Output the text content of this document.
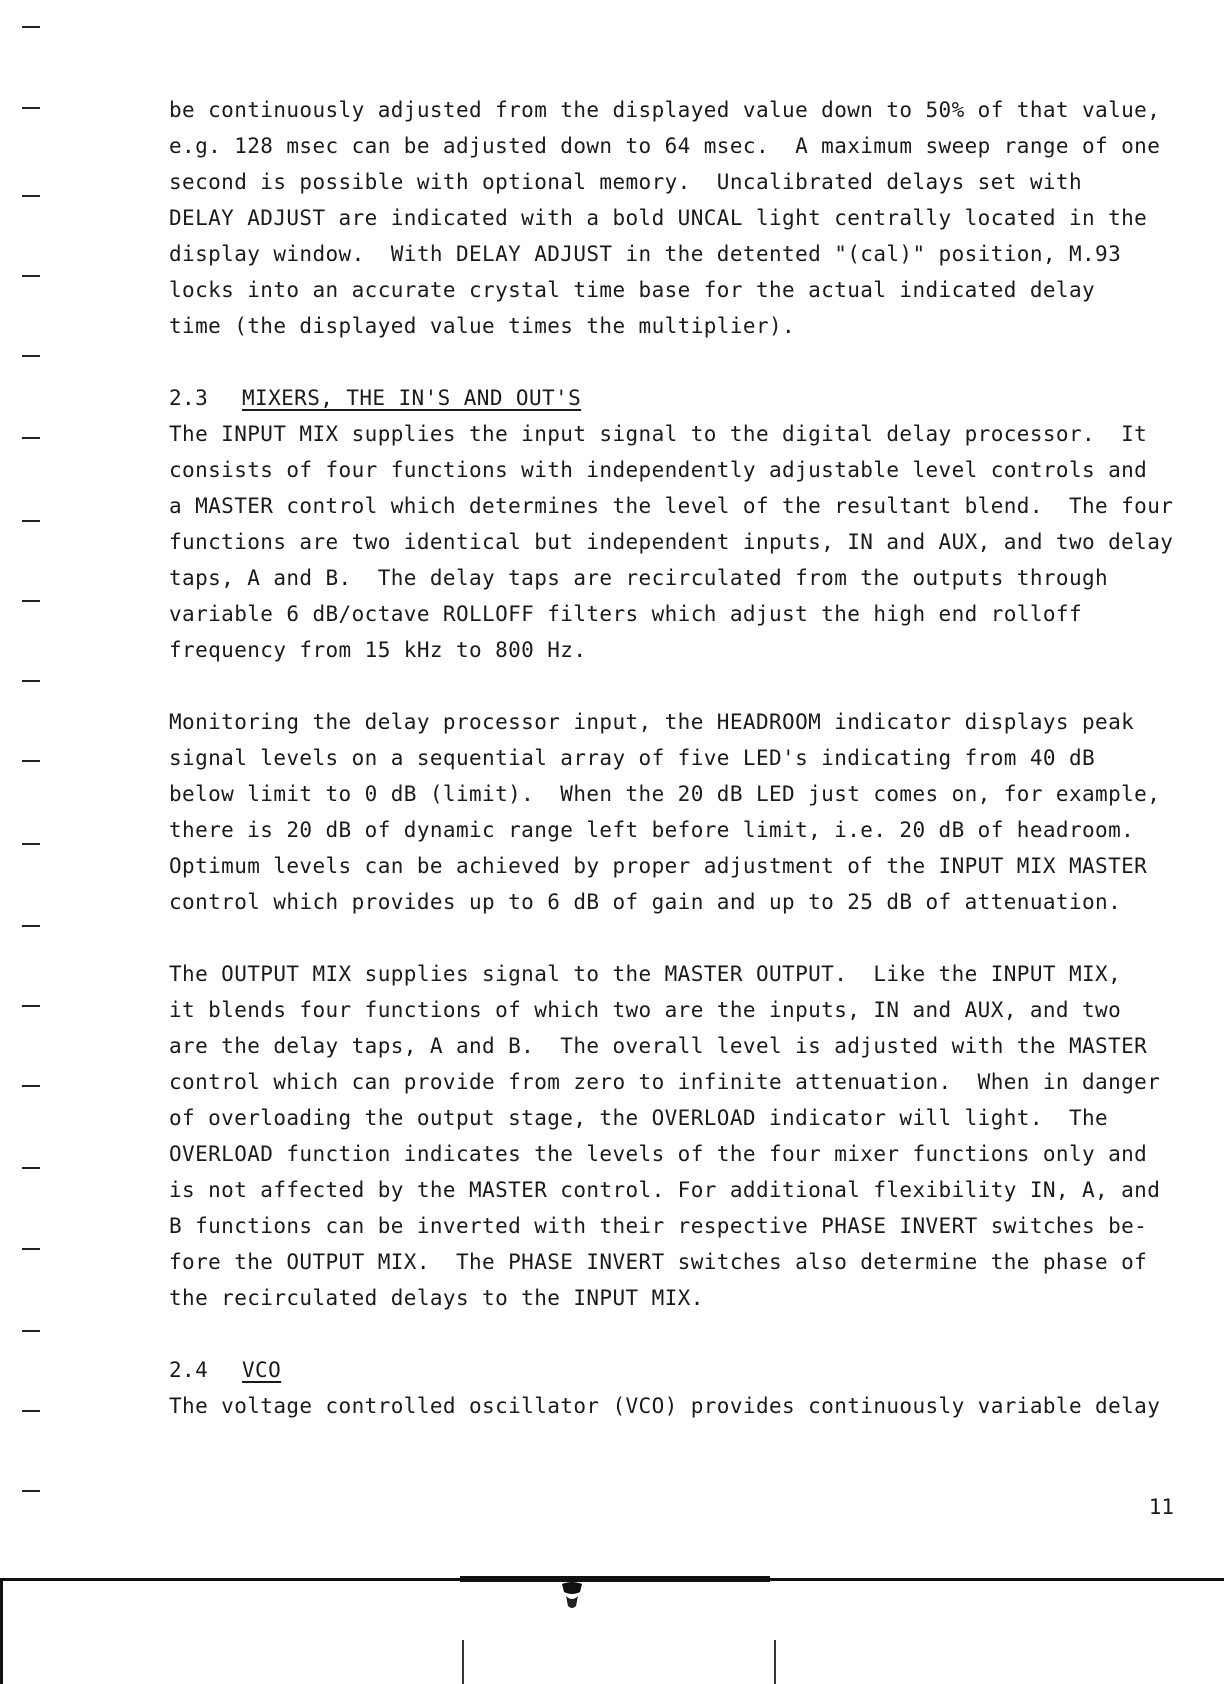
be continuously adjusted from the displayed value down to 50% of that value,
e.g. 128 msec can be adjusted down to 64 msec.  A maximum sweep range of one
second is possible with optional memory.  Uncalibrated delays set with
DELAY ADJUST are indicated with a bold UNCAL light centrally located in the
display window.  With DELAY ADJUST in the detented "(cal)" position, M.93
locks into an accurate crystal time base for the actual indicated delay
time (the displayed value times the multiplier).
2.3 MIXERS, THE IN'S AND OUT'S
The INPUT MIX supplies the input signal to the digital delay processor.  It
consists of four functions with independently adjustable level controls and
a MASTER control which determines the level of the resultant blend.  The four
functions are two identical but independent inputs, IN and AUX, and two delay
taps, A and B.  The delay taps are recirculated from the outputs through
variable 6 dB/octave ROLLOFF filters which adjust the high end rolloff
frequency from 15 kHz to 800 Hz.
Monitoring the delay processor input, the HEADROOM indicator displays peak
signal levels on a sequential array of five LED's indicating from 40 dB
below limit to 0 dB (limit).  When the 20 dB LED just comes on, for example,
there is 20 dB of dynamic range left before limit, i.e. 20 dB of headroom.
Optimum levels can be achieved by proper adjustment of the INPUT MIX MASTER
control which provides up to 6 dB of gain and up to 25 dB of attenuation.
The OUTPUT MIX supplies signal to the MASTER OUTPUT.  Like the INPUT MIX,
it blends four functions of which two are the inputs, IN and AUX, and two
are the delay taps, A and B.  The overall level is adjusted with the MASTER
control which can provide from zero to infinite attenuation.  When in danger
of overloading the output stage, the OVERLOAD indicator will light.  The
OVERLOAD function indicates the levels of the four mixer functions only and
is not affected by the MASTER control. For additional flexibility IN, A, and
B functions can be inverted with their respective PHASE INVERT switches be-
fore the OUTPUT MIX.  The PHASE INVERT switches also determine the phase of
the recirculated delays to the INPUT MIX.
2.4 VCO
The voltage controlled oscillator (VCO) provides continuously variable delay
11
